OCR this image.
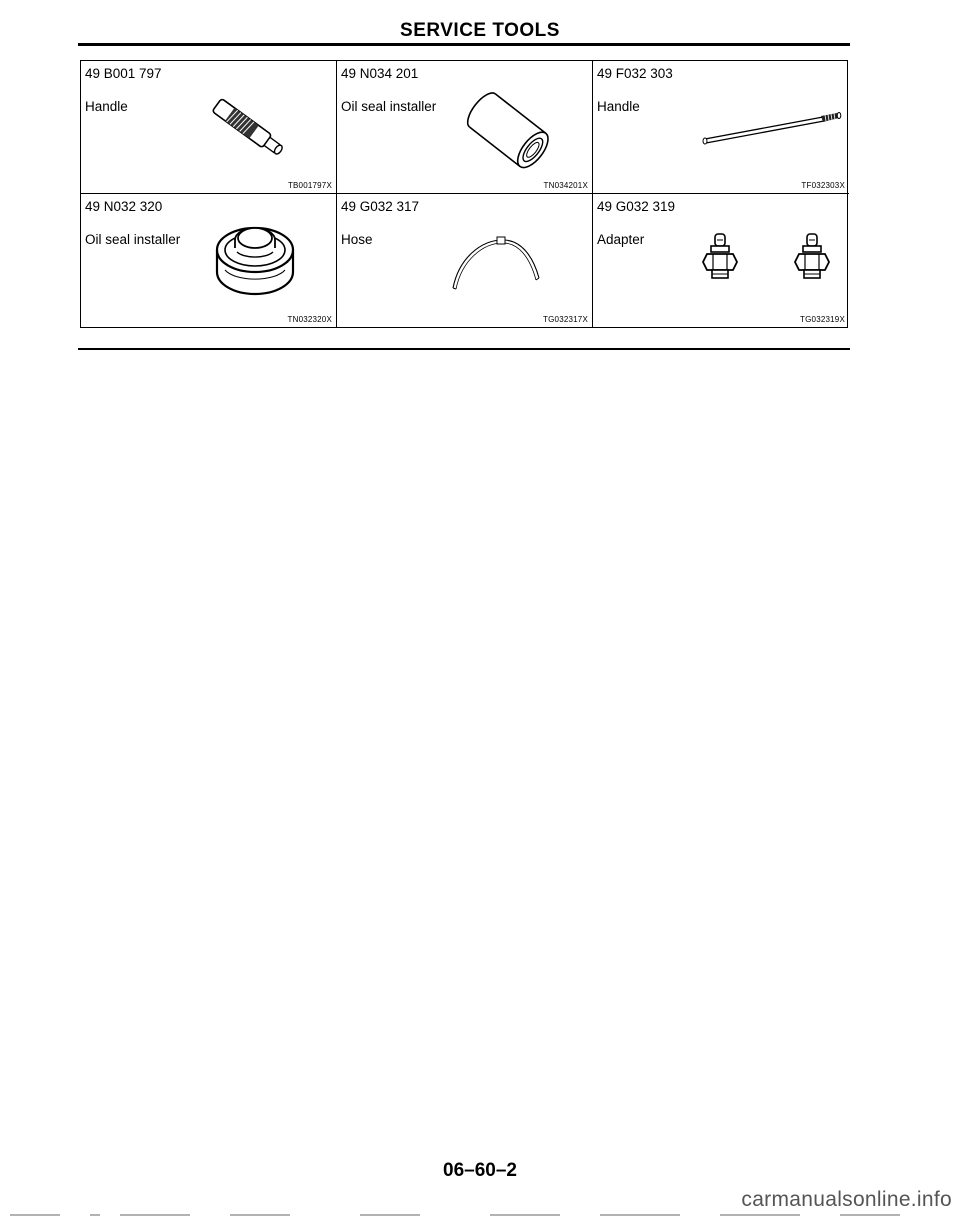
SERVICE TOOLS
49 B001 797
Handle
TB001797X
49 N034 201
Oil seal installer
TN034201X
49 F032 303
Handle
TF032303X
49 N032 320
Oil seal installer
TN032320X
49 G032 317
Hose
TG032317X
49 G032 319
Adapter
TG032319X
06–60–2
carmanualsonline.info
